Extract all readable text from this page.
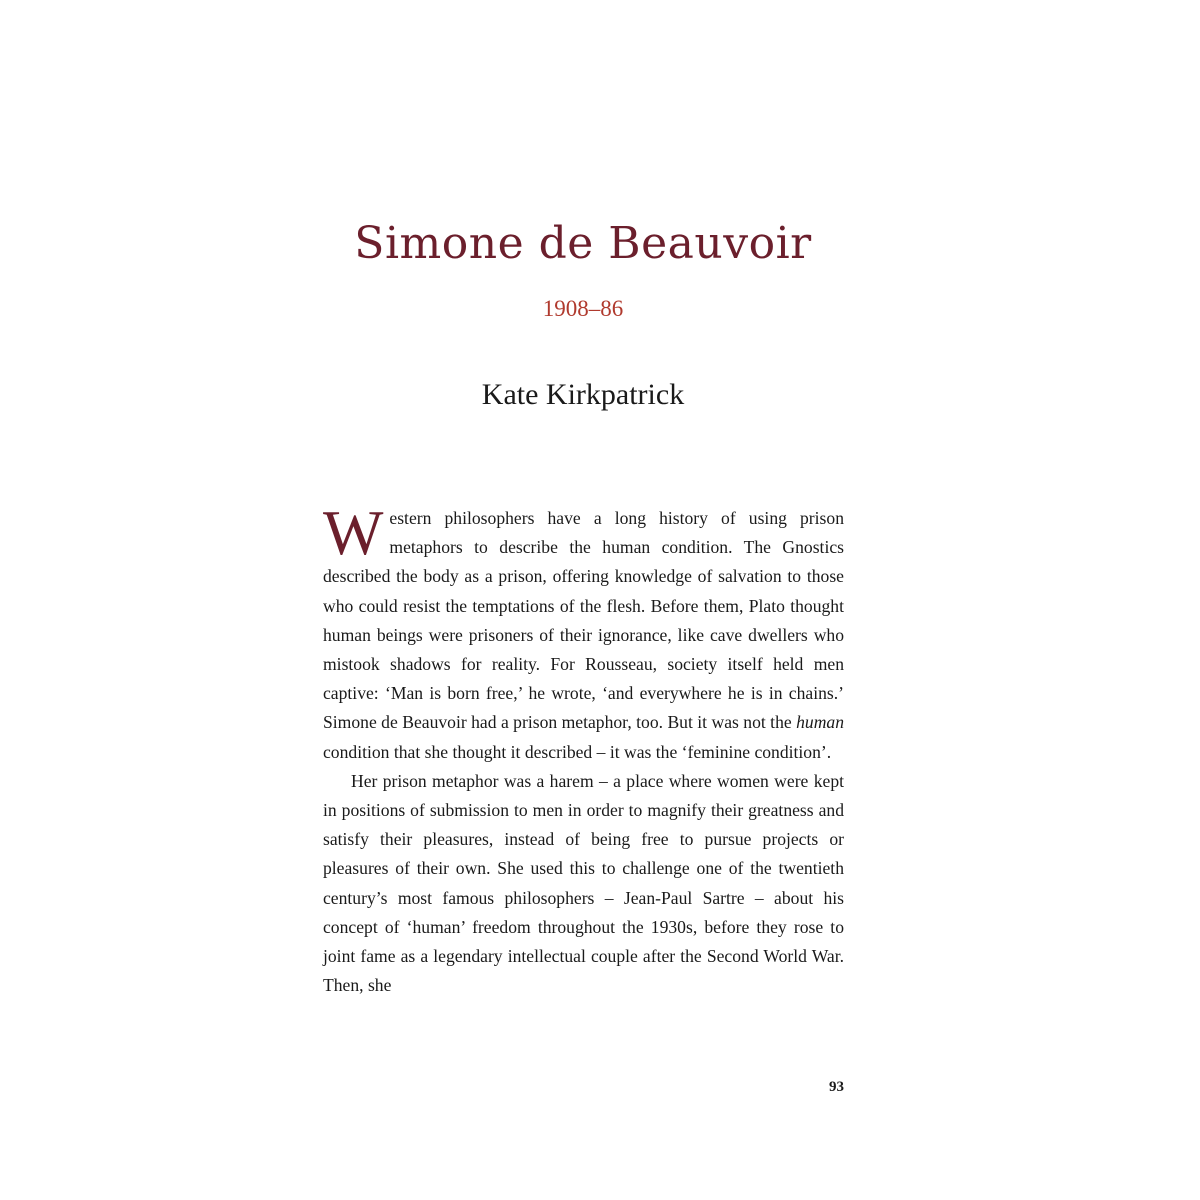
Simone de Beauvoir
1908–86
Kate Kirkpatrick

Western philosophers have a long history of using prison metaphors to describe the human condition. The Gnostics described the body as a prison, offering knowledge of salvation to those who could resist the temptations of the flesh. Before them, Plato thought human beings were prisoners of their ignorance, like cave dwellers who mistook shadows for reality. For Rousseau, society itself held men captive: ‘Man is born free,’ he wrote, ‘and everywhere he is in chains.’ Simone de Beauvoir had a prison metaphor, too. But it was not the human condition that she thought it described – it was the ‘feminine condition’.

Her prison metaphor was a harem – a place where women were kept in positions of submission to men in order to magnify their greatness and satisfy their pleasures, instead of being free to pursue projects or pleasures of their own. She used this to challenge one of the twentieth century’s most famous philosophers – Jean-Paul Sartre – about his concept of ‘human’ freedom throughout the 1930s, before they rose to joint fame as a legendary intellectual couple after the Second World War. Then, she

93
